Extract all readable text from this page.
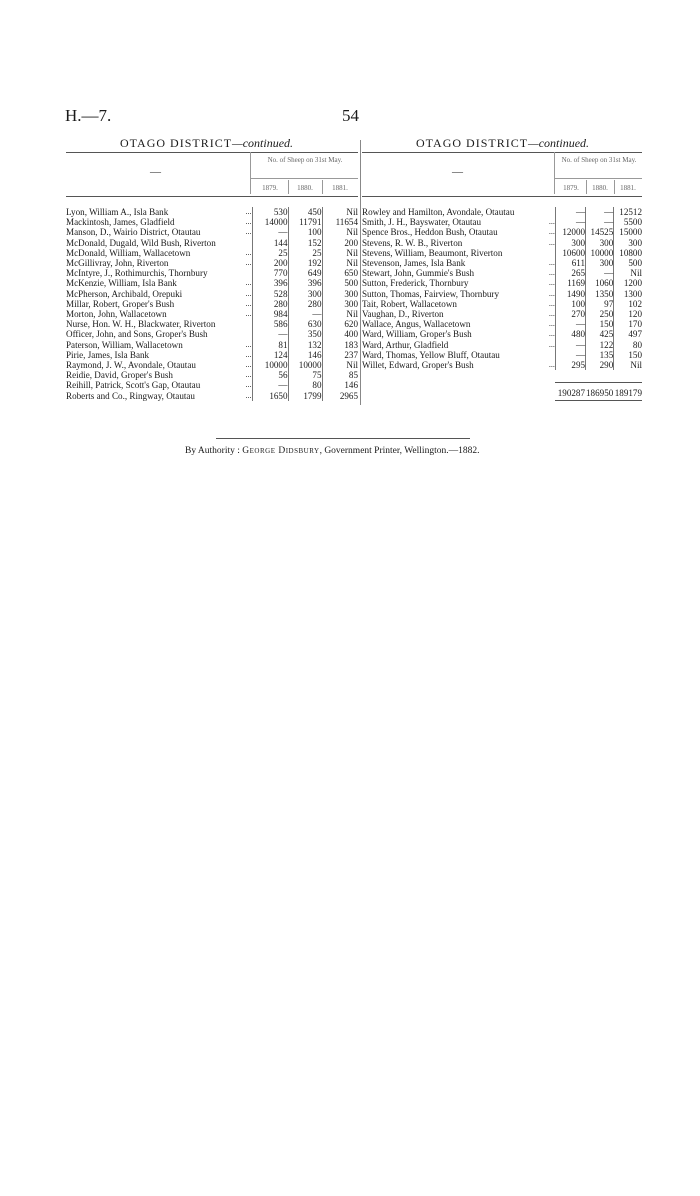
H.—7.	54
OTAGO DISTRICT—continued.	OTAGO DISTRICT—continued.
No. of Sheep on 31st May.
1879.	1880.	1881.
—
No. of Sheep on 31st May.
1879.	1880.	1881.
—
Lyon, William A., Isla Bank	...	530	450	Nil
Mackintosh, James, Gladfield	...	14000	11791	11654
Manson, D., Wairio District, Otautau	...	—	100	Nil
McDonald, Dugald, Wild Bush, Riverton		144	152	200
McDonald, William, Wallacetown	...	25	25	Nil
McGillivray, John, Riverton	...	200	192	Nil
McIntyre, J., Rothimurchis, Thornbury		770	649	650
McKenzie, William, Isla Bank	...	396	396	500
McPherson, Archibald, Orepuki	...	528	300	300
Millar, Robert, Groper's Bush	...	280	280	300
Morton, John, Wallacetown	...	984	—	Nil
Nurse, Hon. W. H., Blackwater, Riverton		586	630	620
Officer, John, and Sons, Groper's Bush		—	350	400
Paterson, William, Wallacetown	...	81	132	183
Pirie, James, Isla Bank	...	124	146	237
Raymond, J. W., Avondale, Otautau	...	10000	10000	Nil
Reidie, David, Groper's Bush	...	56	75	85
Reihill, Patrick, Scott's Gap, Otautau	...	—	80	146
Roberts and Co., Ringway, Otautau	...	1650	1799	2965
Rowley and Hamilton, Avondale, Otautau		—	—	12512
Smith, J. H., Bayswater, Otautau	...	—	—	5500
Spence Bros., Heddon Bush, Otautau	...	12000	14525	15000
Stevens, R. W. B., Riverton	...	300	300	300
Stevens, William, Beaumont, Riverton		10600	10000	10800
Stevenson, James, Isla Bank	...	611	300	500
Stewart, John, Gummie's Bush	...	265	—	Nil
Sutton, Frederick, Thornbury	...	1169	1060	1200
Sutton, Thomas, Fairview, Thornbury	...	1490	1350	1300
Tait, Robert, Wallacetown	...	100	97	102
Vaughan, D., Riverton	...	270	250	120
Wallace, Angus, Wallacetown	...	—	150	170
Ward, William, Groper's Bush	...	480	425	497
Ward, Arthur, Gladfield	...	—	122	80
Ward, Thomas, Yellow Bluff, Otautau		—	135	150
Willet, Edward, Groper's Bush	...	295	290	Nil
190287 186950 189179
By Authority : George Didsbury, Government Printer, Wellington.—1882.
